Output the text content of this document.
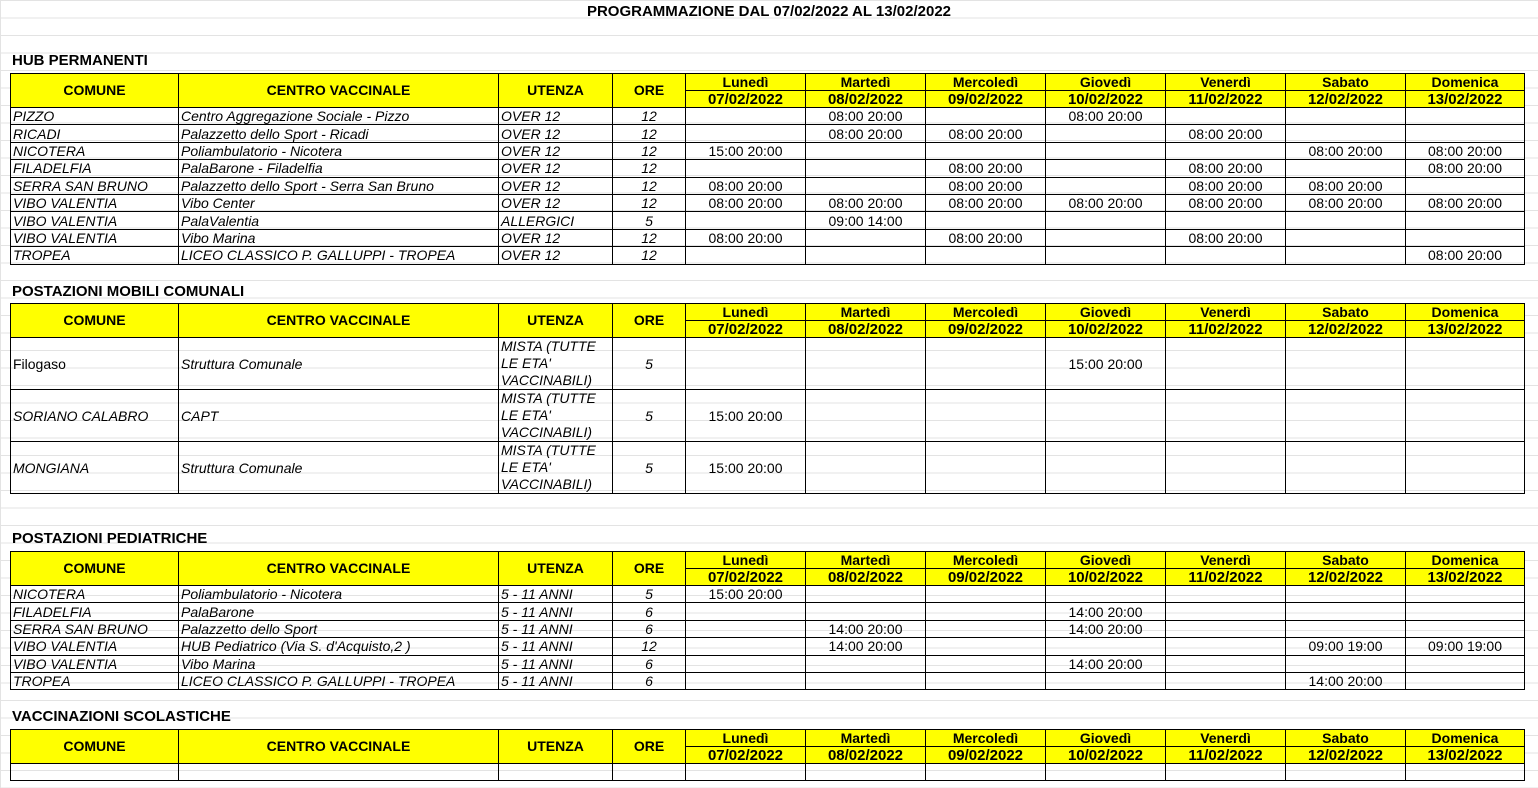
PROGRAMMAZIONE DAL 07/02/2022 AL 13/02/2022
HUB PERMANENTI
COMUNE	CENTRO VACCINALE	UTENZA	ORE	Lunedì	Martedì	Mercoledì	Giovedì	Venerdì	Sabato	Domenica
				07/02/2022	08/02/2022	09/02/2022	10/02/2022	11/02/2022	12/02/2022	13/02/2022
PIZZO	Centro Aggregazione Sociale - Pizzo	OVER 12	12		08:00 20:00		08:00 20:00			
RICADI	Palazzetto dello Sport - Ricadi	OVER 12	12		08:00 20:00	08:00 20:00		08:00 20:00		
NICOTERA	Poliambulatorio - Nicotera	OVER 12	12	15:00 20:00					08:00 20:00	08:00 20:00
FILADELFIA	PalaBarone - Filadelfia	OVER 12	12			08:00 20:00		08:00 20:00		08:00 20:00
SERRA SAN BRUNO	Palazzetto dello Sport - Serra San Bruno	OVER 12	12	08:00 20:00		08:00 20:00		08:00 20:00	08:00 20:00	
VIBO VALENTIA	Vibo Center	OVER 12	12	08:00 20:00	08:00 20:00	08:00 20:00	08:00 20:00	08:00 20:00	08:00 20:00	08:00 20:00
VIBO VALENTIA	PalaValentia	ALLERGICI	5		09:00 14:00					
VIBO VALENTIA	Vibo Marina	OVER 12	12	08:00 20:00		08:00 20:00		08:00 20:00		
TROPEA	LICEO CLASSICO P. GALLUPPI - TROPEA	OVER 12	12							08:00 20:00
POSTAZIONI MOBILI COMUNALI
COMUNE	CENTRO VACCINALE	UTENZA	ORE	Lunedì	Martedì	Mercoledì	Giovedì	Venerdì	Sabato	Domenica
				07/02/2022	08/02/2022	09/02/2022	10/02/2022	11/02/2022	12/02/2022	13/02/2022
Filogaso	Struttura Comunale	MISTA (TUTTE LE ETA' VACCINABILI)	5				15:00 20:00			
SORIANO CALABRO	CAPT	MISTA (TUTTE LE ETA' VACCINABILI)	5	15:00 20:00						
MONGIANA	Struttura Comunale	MISTA (TUTTE LE ETA' VACCINABILI)	5	15:00 20:00						
POSTAZIONI PEDIATRICHE
COMUNE	CENTRO VACCINALE	UTENZA	ORE	Lunedì	Martedì	Mercoledì	Giovedì	Venerdì	Sabato	Domenica
				07/02/2022	08/02/2022	09/02/2022	10/02/2022	11/02/2022	12/02/2022	13/02/2022
NICOTERA	Poliambulatorio - Nicotera	5 - 11 ANNI	5	15:00 20:00						
FILADELFIA	PalaBarone	5 - 11 ANNI	6				14:00 20:00			
SERRA SAN BRUNO	Palazzetto dello Sport	5 - 11 ANNI	6		14:00 20:00		14:00 20:00			
VIBO VALENTIA	HUB Pediatrico (Via S. d'Acquisto,2 )	5 - 11 ANNI	12		14:00 20:00				09:00 19:00	09:00 19:00
VIBO VALENTIA	Vibo Marina	5 - 11 ANNI	6				14:00 20:00			
TROPEA	LICEO CLASSICO P. GALLUPPI - TROPEA	5 - 11 ANNI	6						14:00 20:00	
VACCINAZIONI SCOLASTICHE
COMUNE	CENTRO VACCINALE	UTENZA	ORE	Lunedì	Martedì	Mercoledì	Giovedì	Venerdì	Sabato	Domenica
				07/02/2022	08/02/2022	09/02/2022	10/02/2022	11/02/2022	12/02/2022	13/02/2022
